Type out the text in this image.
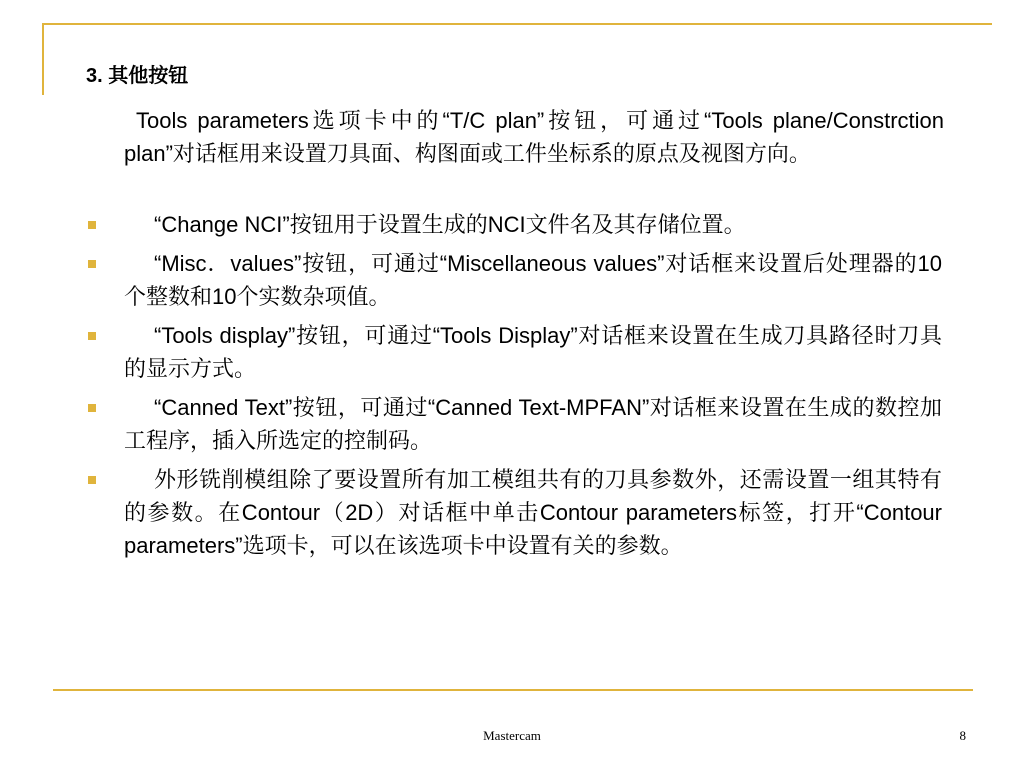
3. 其他按钮
Tools parameters选项卡中的“T/C plan”按钮，可通过“Tools plane/Constrction plan”对话框用来设置刀具面、构图面或工件坐标系的原点及视图方向。
“Change NCI”按钮用于设置生成的NCI文件名及其存储位置。
“Misc．values”按钮，可通过“Miscellaneous values”对话框来设置后处理器的10个整数和10个实数杂项值。
“Tools display”按钮，可通过“Tools Display”对话框来设置在生成刀具路径时刀具的显示方式。
“Canned Text”按钮，可通过“Canned Text-MPFAN”对话框来设置在生成的数控加工程序，插入所选定的控制码。
外形铣削模组除了要设置所有加工模组共有的刀具参数外，还需设置一组其特有的参数。在Contour（2D）对话框中单击Contour parameters标签，打开“Contour parameters”选项卡，可以在该选项卡中设置有关的参数。
Mastercam	8
